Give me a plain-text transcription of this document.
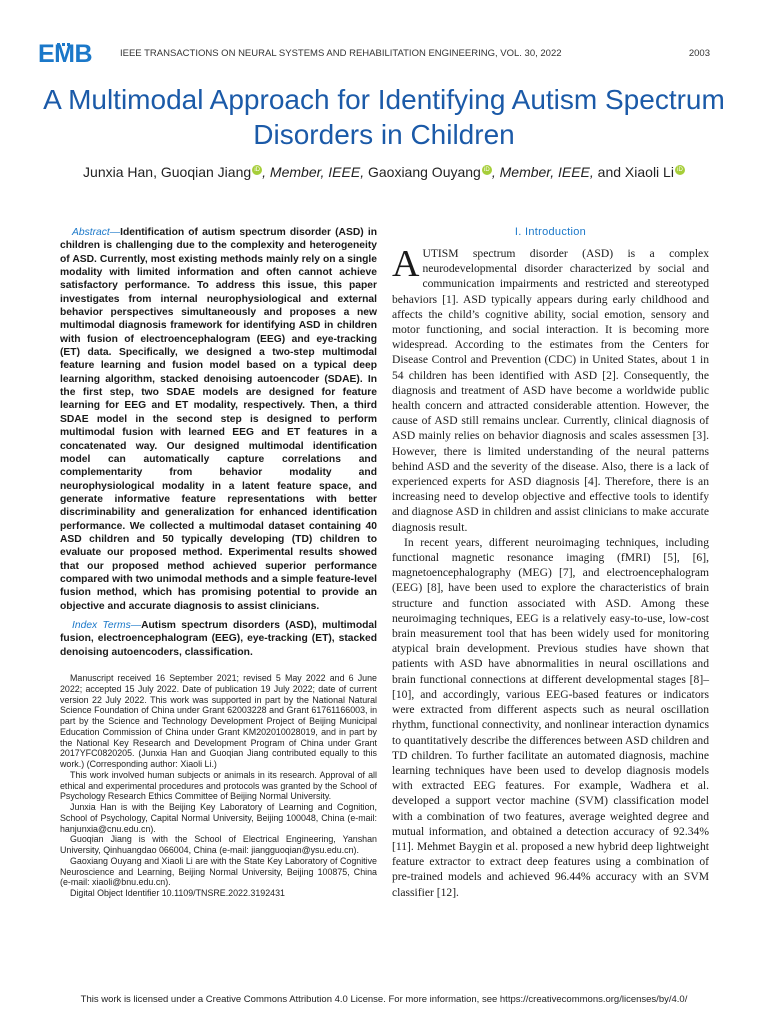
EMB	IEEE TRANSACTIONS ON NEURAL SYSTEMS AND REHABILITATION ENGINEERING, VOL. 30, 2022	2003
A Multimodal Approach for Identifying Autism Spectrum Disorders in Children
Junxia Han, Guoqian Jiang iD , Member, IEEE, Gaoxiang Ouyang iD , Member, IEEE, and Xiaoli Li iD

Abstract—Identification of autism spectrum disorder (ASD) in children is challenging due to the complexity and heterogeneity of ASD. Currently, most existing methods mainly rely on a single modality with limited information and often cannot achieve satisfactory performance. To address this issue, this paper investigates from internal neurophysiological and external behavior perspectives simultaneously and proposes a new multimodal diagnosis framework for identifying ASD in children with fusion of electroencephalogram (EEG) and eye-tracking (ET) data. Specifically, we designed a two-step multimodal feature learning and fusion model based on a typical deep learning algorithm, stacked denoising autoencoder (SDAE). In the first step, two SDAE models are designed for feature learning for EEG and ET modality, respectively. Then, a third SDAE model in the second step is designed to perform multimodal fusion with learned EEG and ET features in a concatenated way. Our designed multimodal identification model can automatically capture correlations and complementarity from behavior modality and neurophysiological modality in a latent feature space, and generate informative feature representations with better discriminability and generalization for enhanced identification performance. We collected a multimodal dataset containing 40 ASD children and 50 typically developing (TD) children to evaluate our proposed method. Experimental results showed that our proposed method achieved superior performance compared with two unimodal methods and a simple feature-level fusion method, which has promising potential to provide an objective and accurate diagnosis to assist clinicians.

Index Terms—Autism spectrum disorders (ASD), multimodal fusion, electroencephalogram (EEG), eye-tracking (ET), stacked denoising autoencoders, classification.

Manuscript received 16 September 2021; revised 5 May 2022 and 6 June 2022; accepted 15 July 2022. Date of publication 19 July 2022; date of current version 22 July 2022. This work was supported in part by the National Natural Science Foundation of China under Grant 62003228 and Grant 61761166003, in part by the Science and Technology Development Project of Beijing Municipal Education Commission of China under Grant KM202010028019, and in part by the National Key Research and Development Program of China under Grant 2017YFC0820205. (Junxia Han and Guoqian Jiang contributed equally to this work.) (Corresponding author: Xiaoli Li.)

This work involved human subjects or animals in its research. Approval of all ethical and experimental procedures and protocols was granted by the School of Psychology Research Ethics Committee of Beijing Normal University.

Junxia Han is with the Beijing Key Laboratory of Learning and Cognition, School of Psychology, Capital Normal University, Beijing 100048, China (e-mail: hanjunxia@cnu.edu.cn).

Guoqian Jiang is with the School of Electrical Engineering, Yanshan University, Qinhuangdao 066004, China (e-mail: jiangguoqian@ysu.edu.cn).

Gaoxiang Ouyang and Xiaoli Li are with the State Key Laboratory of Cognitive Neuroscience and Learning, Beijing Normal University, Beijing 100875, China (e-mail: xiaoli@bnu.edu.cn).

Digital Object Identifier 10.1109/TNSRE.2022.3192431

I. Introduction

AUTISM spectrum disorder (ASD) is a complex neurodevelopmental disorder characterized by social and communication impairments and restricted and stereotyped behaviors [1]. ASD typically appears during early childhood and affects the child’s cognitive ability, social emotion, sensory and motor functioning, and social interaction. It is becoming more widespread. According to the estimates from the Centers for Disease Control and Prevention (CDC) in United States, about 1 in 54 children has been identified with ASD [2]. Consequently, the diagnosis and treatment of ASD have become a worldwide public health concern and attracted considerable attention. However, the cause of ASD still remains unclear. Currently, clinical diagnosis of ASD mainly relies on behavior diagnosis and scales assessmen [3]. However, there is limited understanding of the neural patterns behind ASD and the severity of the disease. Also, there is a lack of experienced experts for ASD diagnosis [4]. Therefore, there is an increasing need to develop objective and effective tools to identify and diagnose ASD in children and assist clinicians to make accurate diagnosis result.

In recent years, different neuroimaging techniques, including functional magnetic resonance imaging (fMRI) [5], [6], magnetoencephalography (MEG) [7], and electroencephalogram (EEG) [8], have been used to explore the characteristics of brain structure and function associated with ASD. Among these neuroimaging techniques, EEG is a relatively easy-to-use, low-cost brain measurement tool that has been widely used for monitoring atypical brain development. Previous studies have shown that patients with ASD have abnormalities in neural oscillations and brain functional connections at different developmental stages [8]–[10], and accordingly, various EEG-based features or indicators were extracted from different aspects such as neural oscillation rhythm, functional connectivity, and nonlinear interaction dynamics to quantitatively describe the differences between ASD children and TD children. To further facilitate an automated diagnosis, machine learning techniques have been used to develop diagnosis models with extracted EEG features. For example, Wadhera et al. developed a support vector machine (SVM) classification model with a combination of two features, average weighted degree and mutual information, and obtained a detection accuracy of 92.34% [11]. Mehmet Baygin et al. proposed a new hybrid deep lightweight feature extractor to extract deep features using a combination of pre-trained models and achieved 96.44% accuracy with an SVM classifier [12].

This work is licensed under a Creative Commons Attribution 4.0 License. For more information, see https://creativecommons.org/licenses/by/4.0/
